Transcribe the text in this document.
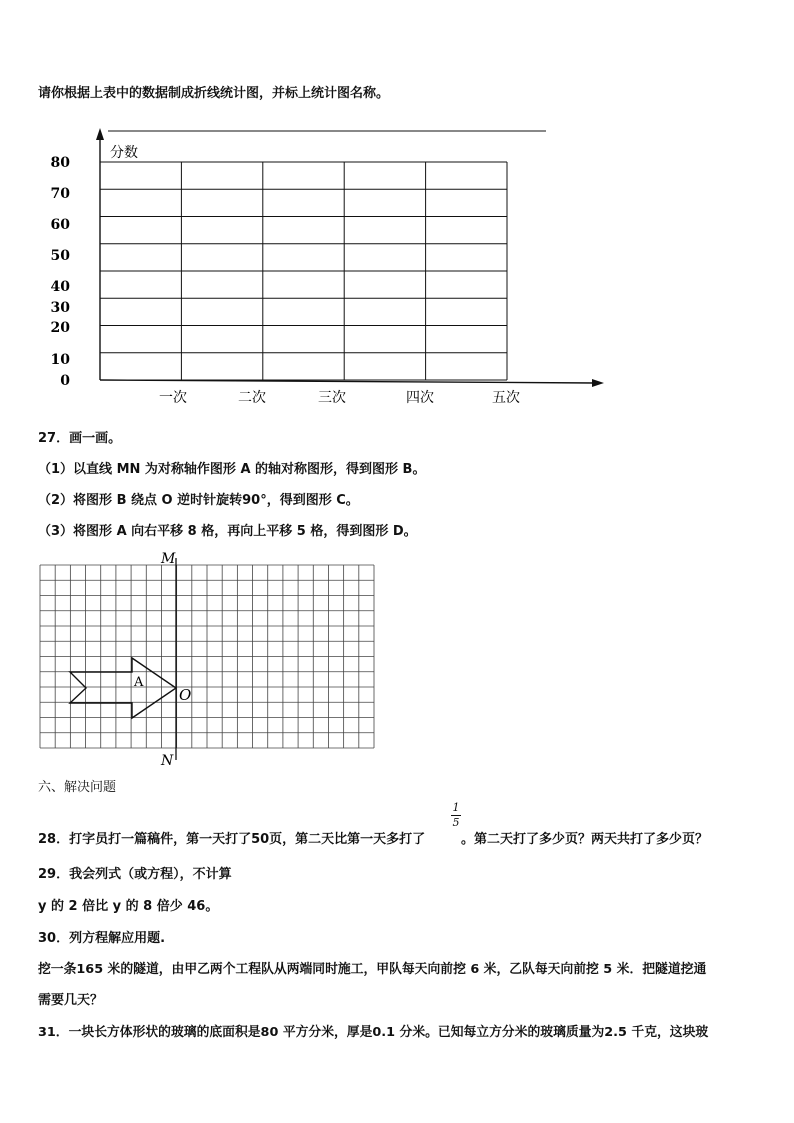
请你根据上表中的数据制成折线统计图，并标上统计图名称。
分数
0
10
20
30
40
50
60
70
80
一次	二次	三次	四次	五次
27．画一画。
（1）以直线 MN 为对称轴作图形 A 的轴对称图形，得到图形 B。
（2）将图形 B 绕点 O 逆时针旋转90°，得到图形 C。
（3）将图形 A 向右平移 8 格，再向上平移 5 格，得到图形 D。
M
N
O
A
六、解决问题
28．打字员打一篇稿件，第一天打了50页，第二天比第一天多打了
1
5
。第二天打了多少页？两天共打了多少页？
29．我会列式（或方程），不计算
y 的 2 倍比 y 的 8 倍少 46。
30．列方程解应用题.
挖一条165 米的隧道，由甲乙两个工程队从两端同时施工，甲队每天向前挖 6 米，乙队每天向前挖 5 米．把隧道挖通
需要几天？
31．一块长方体形状的玻璃的底面积是80 平方分米，厚是0.1 分米。已知每立方分米的玻璃质量为2.5 千克，这块玻
